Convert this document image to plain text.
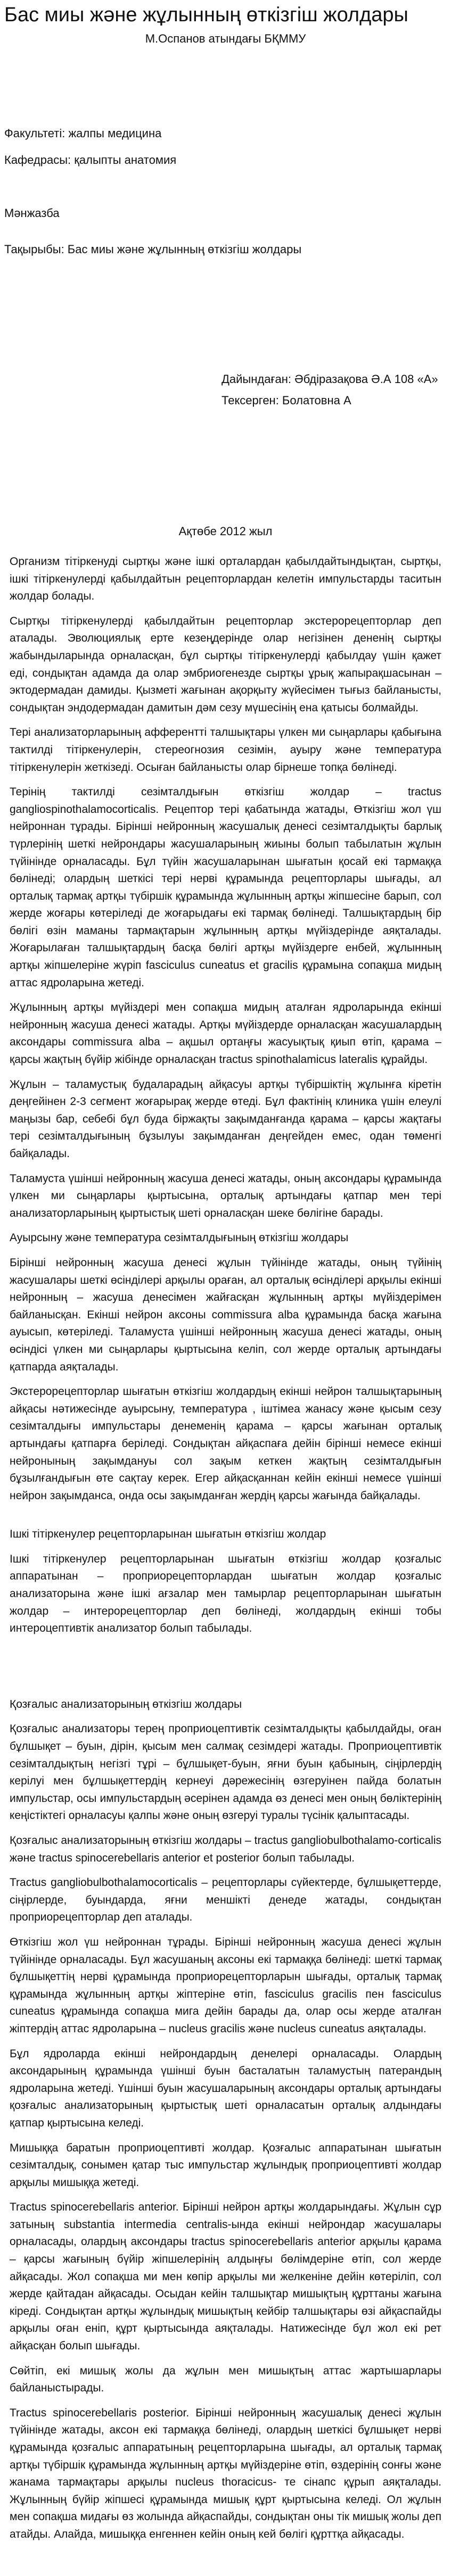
Бас миы және жұлынның өткізгіш жолдары
М.Оспанов атындағы БҚММУ
Факультеті: жалпы медицина
Кафедрасы: қалыпты анатомия
Мәнжазба
Тақырыбы: Бас миы және жұлынның өткізгіш жолдары
Дайындаған: Әбдіразақова Ә.А 108 «А»
Тексерген: Болатовна А
Ақтөбе 2012 жыл

Организм тітіркенуді сыртқы және ішкі орталардан қабылдайтындықтан, сыртқы, ішкі тітіркенулерді қабылдайтын рецепторлардан келетін импульстарды таситын жолдар болады.

Сыртқы тітіркенулерді қабылдайтын рецепторлар экстерорецепторлар деп аталады. Эволюциялық ерте кезеңдерінде олар негізінен дененің сыртқы жабындыларында орналасқан, бұл сыртқы тітіркенулерді қабылдау үшін қажет еді, сондықтан адамда да олар эмбриогенезде сыртқы ұрық жапырақшасынан – эктодермадан дамиды. Қызметі жағынан ақорқыту жүйесімен тығыз байланысты, сондықтан эндодермадан дамитын дәм сезу мүшесінің ена қатысы болмайды.

Тері анализаторларының афферентті талшықтары үлкен ми сыңарлары қабығына тактилді тітіркенулерін, стереогнозия сезімін, ауыру және температура тітіркенулерін жеткізеді. Осыған байланысты олар бірнеше топқа бөлінеді.

Терінің тактилді сезімталдығын өткізгіш жолдар – tractus gangliospinothalamocorticalis. Рецептор тері қабатында жатады, Өткізгіш жол үш нейроннан тұрады. Бірінші нейронның жасушалық денесі сезімталдықты барлық түрлерінің шеткі нейрондары жасушаларының жиыны болып табылатын жұлын түйінінде орналасады. Бұл түйін жасушаларынан шығатын қосай екі тармаққа бөлінеді; олардың шеткісі тері нерві құрамында рецепторлары шығады, ал орталық тармақ артқы түбіршік құрамында жұлынның артқы жіпшесіне барып, сол жерде жоғары көтеріледі де жоғарыдағы екі тармақ бөлінеді. Талшықтардың бір бөлігі өзін маманы тармақтарын жұлынның артқы мүйіздерінде аяқталады. Жоғарылаған талшықтардың басқа бөлігі артқы мүйіздерге енбей, жұлынның артқы жіпшелеріне жүріп fasciculus cuneatus et gracilis құрамына сопақша мидың аттас ядроларына жетеді.

Жұлынның артқы мүйіздері мен сопақша мидың аталған ядроларында екінші нейронның жасуша денесі жатады. Артқы мүйіздерде орналасқан жасушалардың аксондары commissura alba – ақшыл ортаңғы жасуықтық қиып өтіп, қарама – қарсы жақтың бүйір жібінде орналасқан tractus spinothalamicus lateralis құрайды.

Жұлын – таламустық будаларадың айқасуы артқы түбіршіктің жұлынға кіретін деңгейінен 2-3 сегмент жоғарырақ жерде өтеді. Бұл фактінің клиника үшін елеулі маңызы бар, себебі бұл буда біржақты зақымданғанда қарама – қарсы жақтағы тері сезімталдығының бұзылуы зақымданған деңгейден емес, одан төменгі байқалады.

Таламуста үшінші нейронның жасуша денесі жатады, оның аксондары құрамында үлкен ми сыңарлары қыртысына, орталық артындағы қатпар мен тері анализаторларының қыртыстық шеті орналасқан шеке бөлігіне барады.

Ауырсыну және температура сезімталдығының өткізгіш жолдары

Бірінші нейронның жасуша денесі жұлын түйінінде жатады, оның түйінің жасушалары шеткі өсінділері арқылы ораған, ал орталық өсінділері арқылы екінші нейронның – жасуша денесімен жайғасқан жұлынның артқы мүйіздерімен байланысқан. Екінші нейрон аксоны commissura alba құрамында басқа жағына ауысып, көтеріледі. Таламуста үшінші нейронның жасуша денесі жатады, оның өсіндісі үлкен ми сыңарлары қыртысына келіп, сол жерде орталық артындағы қатпарда аяқталады.

Экстерорецепторлар шығатын өткізгіш жолдардың екінші нейрон талшықтарының айқасы нәтижесінде ауырсыну, температура , іштімеа жанасу және қысым сезу сезімталдығы импульстары денеменің қарама – қарсы жағынан орталық артындағы қатпарға беріледі. Сондықтан айқаспаға дейін бірінші немесе екінші нейронының зақымдануы сол зақым кеткен жақтың сезімталдығын бұзылғандығын өте сақтау керек. Егер айқасқаннан кейін екінші немесе үшінші нейрон зақымданса, онда осы зақымданған жердің қарсы жағында байқалады.

Ішкі тітіркенулер рецепторларынан шығатын өткізгіш жолдар

Ішкі тітіркенулер рецепторларынан шығатын өткізгіш жолдар қозғалыс аппаратынан – проприорецепторлардан шығатын жолдар қозғалыс анализаторына және ішкі ағзалар мен тамырлар рецепторларынан шығатын жолдар – интерорецепторлар деп бөлінеді, жолдардың екінші тобы интероцептивтік анализатор болып табылады.

Қозғалыс анализаторының өткізгіш жолдары

Қозғалыс анализаторы терең проприоцептивтік сезімталдықты қабылдайды, оған бұлшықет – буын, дірін, қысым мен салмақ сезімдері жатады. Проприоцептивтік сезімталдықтың негізгі тұрі – бұлшықет-буын, яғни буын қабының, сіңірлердің керілуі мен бұлшықеттердің кернеуі дәрежесінің өзгеруінен пайда болатын импульстар, осы импульстардың әсерінен адамда өз денесі мен оның бөліктерінің кеңістіктегі орналасуы қалпы және оның өзгеруі туралы түсінік қалыптасады.

Қозғалыс анализаторының өткізгіш жолдары – tractus gangliobulbothalamo-corticalis және tractus spinocerebellaris anterior et posterior болып табылады.

Tractus gangliobulbothalamocorticalis – рецепторлары сүйектерде, бұлшықеттерде, сіңірлерде, буындарда, яғни меншікті денеде жатады, сондықтан проприорецепторлар деп аталады.

Өткізгіш жол үш нейроннан тұрады. Бірінші нейронның жасуша денесі жұлын түйінінде орналасады. Бұл жасушаның аксоны екі тармаққа бөлінеді: шеткі тармақ бұлшықеттің нерві құрамында проприорецепторларын шығады, орталық тармақ құрамында жұлынның артқы жіптеріне өтіп, fasciculus gracilis пен fasciculus cuneatus құрамында сопақша мига дейін барады да, олар осы жерде аталған жіптердің аттас ядроларына – nucleus gracilis және nucleus cuneatus аяқталады.

Бұл ядроларда екінші нейрондардың денелері орналасады. Олардың аксондарының құрамында үшінші буын басталатын таламустың патерандың ядроларына жетеді. Үшінші буын жасушаларының аксондары орталық артындағы қозғалыс анализаторының қыртыстық шеті орналасатын орталық алдындағы қатпар қыртысына келеді.

Мишыққа баратын проприоцептивті жолдар. Қозғалыс аппаратынан шығатын сезімталдық, сонымен қатар тыс импульстар жұлындық проприоцептивті жолдар арқылы мишыққа жетеді.

Tractus spinocerebellaris anterior. Бірінші нейрон артқы жолдарындағы. Жұлын сұр затының substantia intermedia centralis-ында екінші нейрондар жасушалары орналасады, олардың аксондары tractus spinocerebellaris anterior арқылы қарама – қарсы жағының бүйір жіпшелерінің алдыңғы бөлімдеріне өтіп, сол жерде айқасады. Жол сопақша ми мен көпір арқылы ми желкеніне дейін көтеріліп, сол жерде қайтадан айқасады. Осыдан кейін талшықтар мишықтың құрттаны жағына кіреді. Сондықтан артқы жұлындық мишықтың кейбір талшықтары өзі айқаспайды арқылы оған еніп, құрт қыртысында аяқталады. Натижесінде бұл жол екі рет айқасқан болып шығады.

Сөйтіп, екі мишық жолы да жұлын мен мишықтың аттас жартышарлары байланыстырады.

Tractus spinocerebellaris posterior. Бірінші нейронның жасушалық денесі жұлын түйінінде жатады, аксон екі тармаққа бөлінеді, олардың шеткісі бұлшықет нерві құрамында қозғалыс аппаратының рецепторларына шығады, ал орталық тармақ артқы түбіршік құрамында жұлынның артқы мүйіздеріне өтіп, өздерінің сонғы және жанама тармақтары арқылы nucleus thoracicus- те сінапс құрып аяқталады. Жұлынның бүйір жіпшесі құрамында мишық құрт қыртысына келеді. Ол жұлын мен сопақша мидағы өз жолында айқаспайды, сондықтан оны тік мишық жолы деп атайды. Алайда, мишыққа енгеннен кейін оның кей бөлігі құрттқа айқасады.
